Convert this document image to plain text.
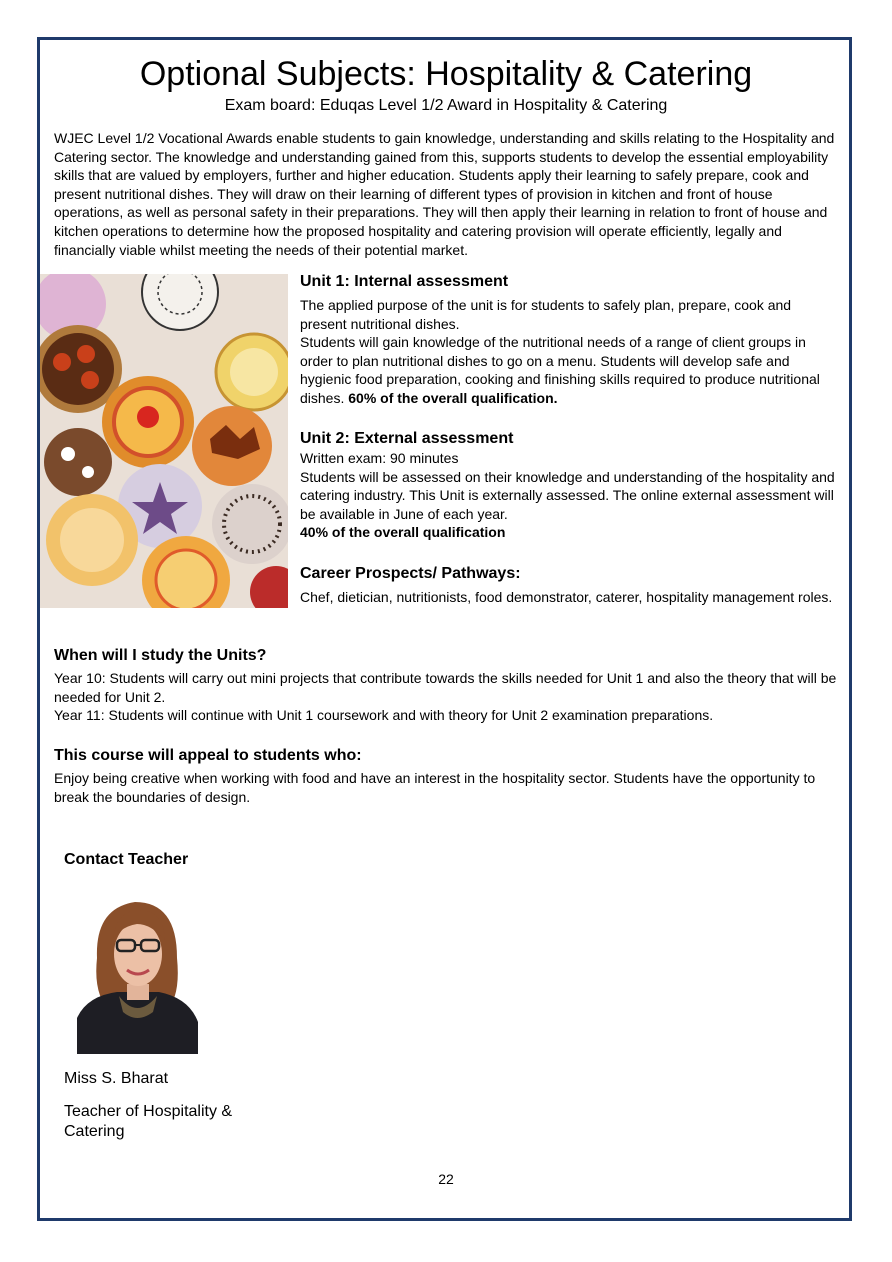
Optional Subjects: Hospitality & Catering
Exam board: Eduqas Level 1/2 Award in Hospitality & Catering

WJEC Level 1/2 Vocational Awards enable students to gain knowledge, understanding and skills relating to the Hospitality and Catering sector. The knowledge and understanding gained from this, supports students to develop the essential employability skills that are valued by employers, further and higher education. Students apply their learning to safely prepare, cook and present nutritional dishes. They will draw on their learning of different types of provision in kitchen and front of house operations, as well as personal safety in their preparations. They will then apply their learning in relation to front of house and kitchen operations to determine how the proposed hospitality and catering provision will operate efficiently, legally and financially viable whilst meeting the needs of their potential market.

Unit 1: Internal assessment

The applied purpose of the unit is for students to safely plan, prepare, cook and present nutritional dishes.

Students will gain knowledge of the nutritional needs of a range of client groups in order to plan nutritional dishes to go on a menu. Students will develop safe and hygienic food preparation, cooking and finishing skills required to produce nutritional dishes. 60% of the overall qualification.

Unit 2: External assessment

Written exam: 90 minutes

Students will be assessed on their knowledge and understanding of the hospitality and catering industry. This Unit is externally assessed. The online external assessment will be available in June of each year.

40% of the overall qualification

Career Prospects/ Pathways:

Chef, dietician, nutritionists, food demonstrator, caterer, hospitality management roles.

When will I study the Units?

Year 10: Students will carry out mini projects that contribute towards the skills needed for Unit 1 and also the theory that will be needed for Unit 2.

Year 11: Students will continue with Unit 1 coursework and with theory for Unit 2 examination preparations.

This course will appeal to students who:

Enjoy being creative when working with food and have an interest in the hospitality sector. Students have the opportunity to break the boundaries of design.

Contact Teacher
Miss S. Bharat
Teacher of Hospitality & Catering
22
